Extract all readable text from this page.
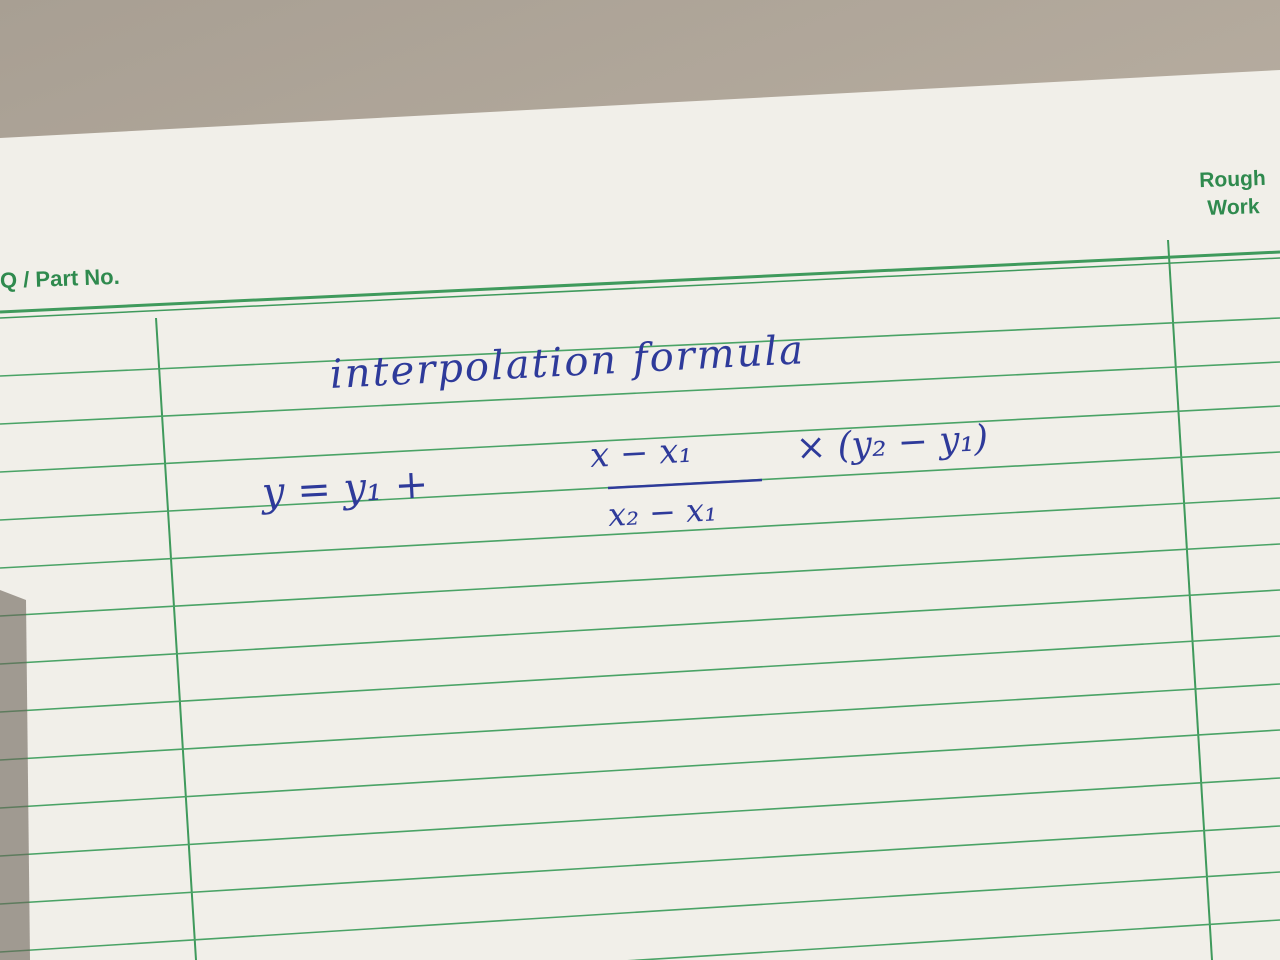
Q / Part No.
Rough
Work
interpolation formula
y = y₁ +
x − x₁
x₂ − x₁
× (y₂ − y₁)
